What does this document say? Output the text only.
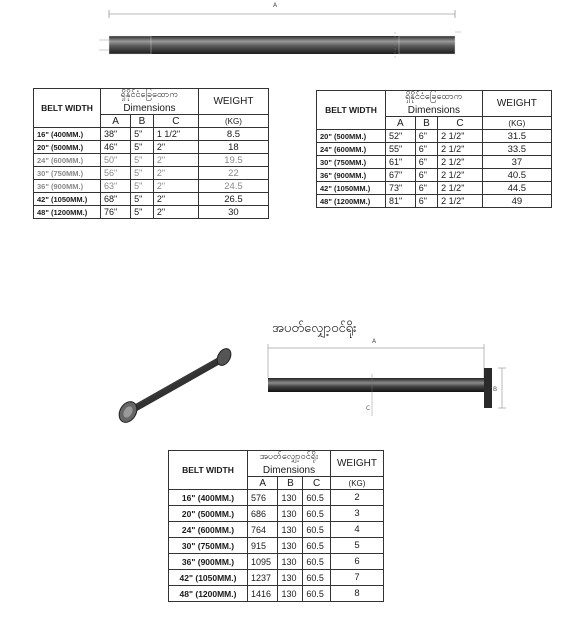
A
BELT WIDTH	ရှိနိုင်ငံခြေထောက			WEIGHT
	Dimensions			
	A	B	C	(KG)
16" (400MM.)	38"	5"	1 1/2"	8.5
20" (500MM.)	46"	5"	2"	18
24" (600MM.)	50"	5"	2"	19.5
30" (750MM.)	56"	5"	2"	22
36" (900MM.)	63"	5"	2"	24.5
42" (1050MM.)	68"	5"	2"	26.5
48" (1200MM.)	76"	5"	2"	30
BELT WIDTH	ရှိနိုင်ငံခြေထောက			WEIGHT
	Dimensions			
	A	B	C	(KG)
20" (500MM.)	52"	6"	2 1/2"	31.5
24" (600MM.)	55"	6"	2 1/2"	33.5
30" (750MM.)	61"	6"	2 1/2"	37
36" (900MM.)	67"	6"	2 1/2"	40.5
42" (1050MM.)	73"	6"	2 1/2"	44.5
48" (1200MM.)	81"	6"	2 1/2"	49
အပတ်လျှော့ဝင်ရိုး
A
B
C
BELT WIDTH	အပတ်လျှော့ဝင်ရိုး			WEIGHT
	Dimensions			
	A	B	C	(KG)
16" (400MM.)	576	130	60.5	2
20" (500MM.)	686	130	60.5	3
24" (600MM.)	764	130	60.5	4
30" (750MM.)	915	130	60.5	5
36" (900MM.)	1095	130	60.5	6
42" (1050MM.)	1237	130	60.5	7
48" (1200MM.)	1416	130	60.5	8
